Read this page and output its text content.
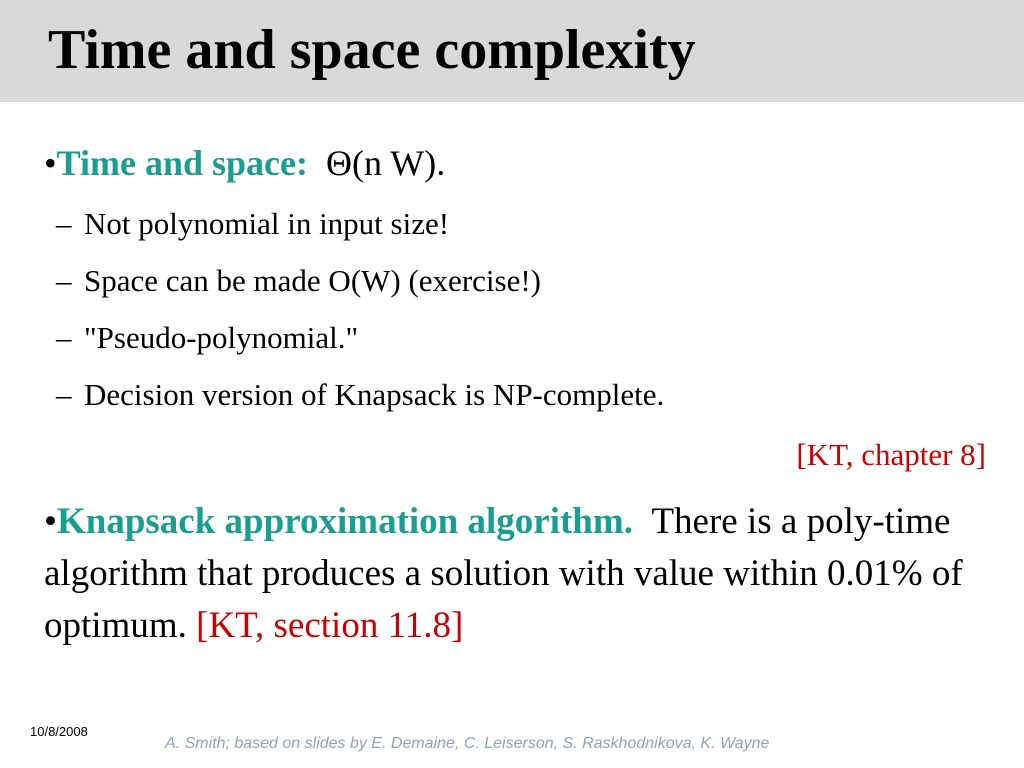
Time and space complexity
•Time and space: Θ(n W).
– Not polynomial in input size!
– Space can be made O(W) (exercise!)
– "Pseudo-polynomial."
– Decision version of Knapsack is NP-complete.
[KT, chapter 8]

•Knapsack approximation algorithm. There is a poly-time algorithm that produces a solution with value within 0.01% of optimum. [KT, section 11.8]

10/8/2008
A. Smith; based on slides by E. Demaine, C. Leiserson, S. Raskhodnikova, K. Wayne
